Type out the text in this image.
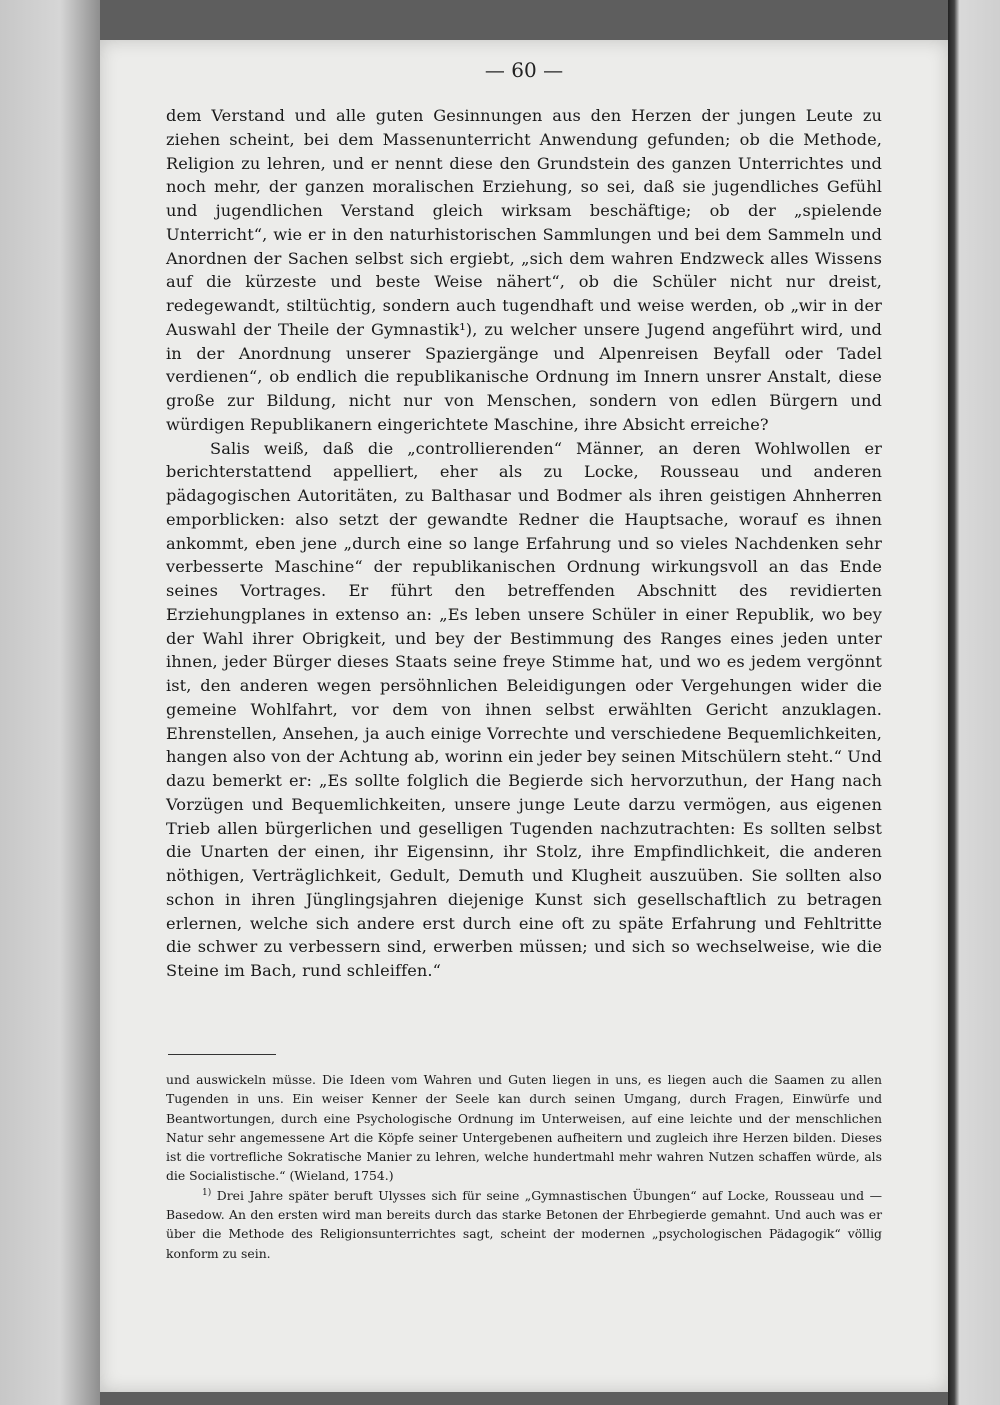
— 60 —

dem Verstand und alle guten Gesinnungen aus den Herzen der jungen Leute zu ziehen scheint, bei dem Massenunterricht Anwendung gefunden; ob die Methode, Religion zu lehren, und er nennt diese den Grundstein des ganzen Unterrichtes und noch mehr, der ganzen moralischen Erziehung, so sei, daß sie jugendliches Gefühl und jugendlichen Verstand gleich wirksam beschäftige; ob der „spielende Unterricht“, wie er in den naturhistorischen Sammlungen und bei dem Sammeln und Anordnen der Sachen selbst sich ergiebt, „sich dem wahren Endzweck alles Wissens auf die kürzeste und beste Weise nähert“, ob die Schüler nicht nur dreist, redegewandt, stiltüchtig, sondern auch tugendhaft und weise werden, ob „wir in der Auswahl der Theile der Gymnastik¹), zu welcher unsere Jugend angeführt wird, und in der Anordnung unserer Spaziergänge und Alpenreisen Beyfall oder Tadel verdienen“, ob endlich die republikanische Ordnung im Innern unsrer Anstalt, diese große zur Bildung, nicht nur von Menschen, sondern von edlen Bürgern und würdigen Republikanern eingerichtete Maschine, ihre Absicht erreiche?

Salis weiß, daß die „controllierenden“ Männer, an deren Wohlwollen er berichterstattend appelliert, eher als zu Locke, Rousseau und anderen pädagogischen Autoritäten, zu Balthasar und Bodmer als ihren geistigen Ahnherren emporblicken: also setzt der gewandte Redner die Hauptsache, worauf es ihnen ankommt, eben jene „durch eine so lange Erfahrung und so vieles Nachdenken sehr verbesserte Maschine“ der republikanischen Ordnung wirkungsvoll an das Ende seines Vortrages. Er führt den betreffenden Abschnitt des revidierten Erziehungplanes in extenso an: „Es leben unsere Schüler in einer Republik, wo bey der Wahl ihrer Obrigkeit, und bey der Bestimmung des Ranges eines jeden unter ihnen, jeder Bürger dieses Staats seine freye Stimme hat, und wo es jedem vergönnt ist, den anderen wegen persöhnlichen Beleidigungen oder Vergehungen wider die gemeine Wohlfahrt, vor dem von ihnen selbst erwählten Gericht anzuklagen. Ehrenstellen, Ansehen, ja auch einige Vorrechte und verschiedene Bequemlichkeiten, hangen also von der Achtung ab, worinn ein jeder bey seinen Mitschülern steht.“ Und dazu bemerkt er: „Es sollte folglich die Begierde sich hervorzuthun, der Hang nach Vorzügen und Bequemlichkeiten, unsere junge Leute darzu vermögen, aus eigenen Trieb allen bürgerlichen und geselligen Tugenden nachzutrachten: Es sollten selbst die Unarten der einen, ihr Eigensinn, ihr Stolz, ihre Empfindlichkeit, die anderen nöthigen, Verträglichkeit, Gedult, Demuth und Klugheit auszuüben. Sie sollten also schon in ihren Jünglingsjahren diejenige Kunst sich gesellschaftlich zu betragen erlernen, welche sich andere erst durch eine oft zu späte Erfahrung und Fehltritte die schwer zu verbessern sind, erwerben müssen; und sich so wechselweise, wie die Steine im Bach, rund schleiffen.“

und auswickeln müsse. Die Ideen vom Wahren und Guten liegen in uns, es liegen auch die Saamen zu allen Tugenden in uns. Ein weiser Kenner der Seele kan durch seinen Umgang, durch Fragen, Einwürfe und Beantwortungen, durch eine Psychologische Ordnung im Unterweisen, auf eine leichte und der menschlichen Natur sehr angemessene Art die Köpfe seiner Untergebenen aufheitern und zugleich ihre Herzen bilden. Dieses ist die vortrefliche Sokratische Manier zu lehren, welche hundertmahl mehr wahren Nutzen schaffen würde, als die Socialistische.“ (Wieland, 1754.)

$^{1)}$ Drei Jahre später beruft Ulysses sich für seine „Gymnastischen Übungen“ auf Locke, Rousseau und — Basedow. An den ersten wird man bereits durch das starke Betonen der Ehrbegierde gemahnt. Und auch was er über die Methode des Religionsunterrichtes sagt, scheint der modernen „psychologischen Pädagogik“ völlig konform zu sein.
